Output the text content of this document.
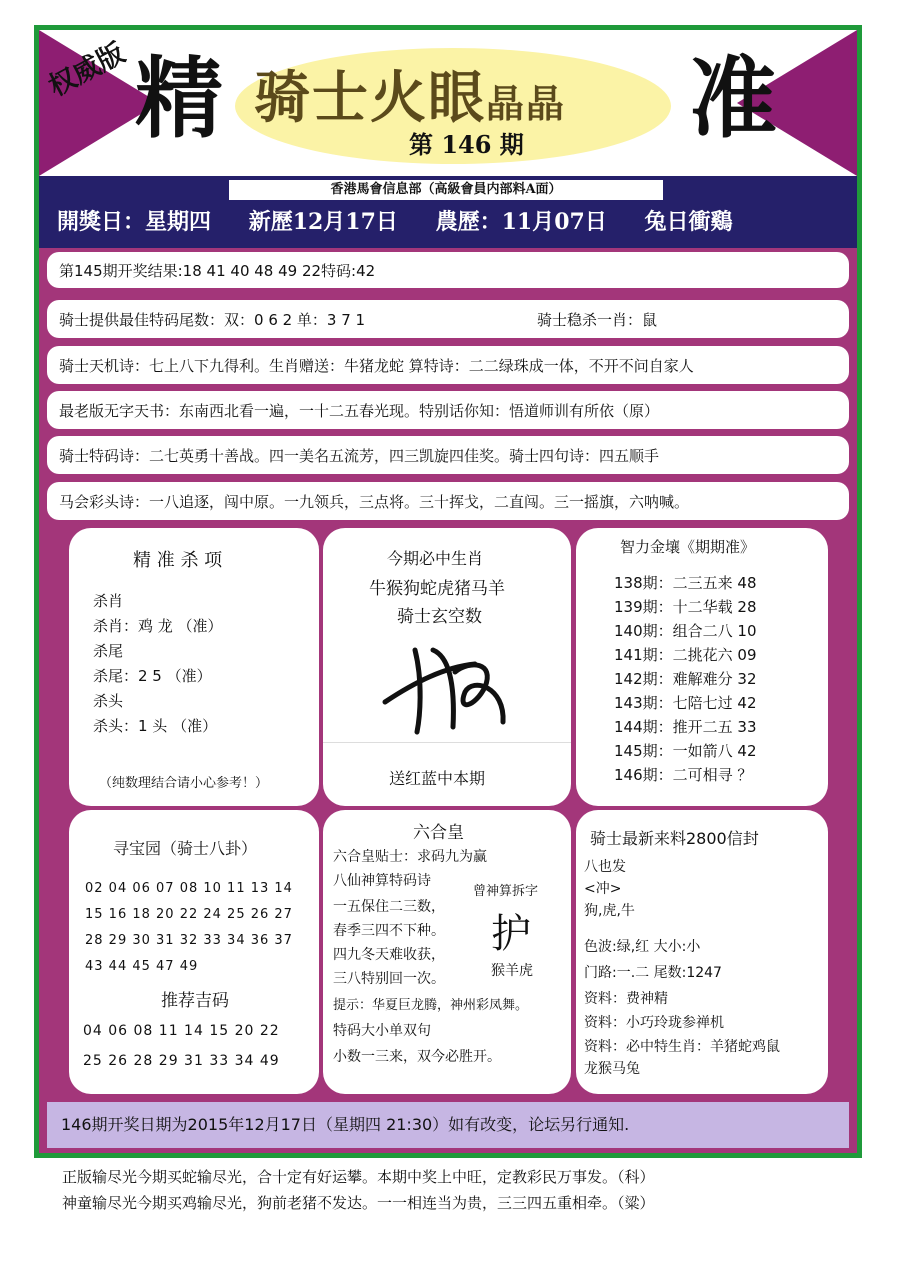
权威版 精 骑士火眼晶晶
第 146 期 准
香港馬會信息部（高級會員内部料A面）
開獎日：星期四 新歷12月17日 農歷：11月07日 兔日衝鷄
第145期开奖结果:18 41 40 48 49 22特码:42
骑士提供最佳特码尾数：双：0 6 2 单：3 7 1	骑士稳杀一肖：鼠
骑士天机诗：七上八下九得利。生肖赠送：牛猪龙蛇 算特诗：二二绿珠成一体，不开不问自家人
最老版无字天书：东南西北看一遍，一十二五春光现。特别话你知：悟道师训有所依（原）
骑士特码诗：二七英勇十善战。四一美名五流芳，四三凯旋四佳奖。骑士四句诗：四五顺手
马会彩头诗：一八追逐，闯中原。一九领兵，三点将。三十挥戈，二直闯。三一摇旗，六呐喊。
精 准 杀 项
杀肖
杀肖：鸡 龙 （准）
杀尾
杀尾：2 5 （准）
杀头
杀头：1 头 （准）
（纯数理结合请小心参考！）
今期必中生肖
牛猴狗蛇虎猪马羊
骑士玄空数
送红蓝中本期
智力金壤《期期准》
138期：二三五来 48
139期：十二华载 28
140期：组合二八 10
141期：二挑花六 09
142期：难解难分 32
143期：七陪七过 42
144期：推开二五 33
145期：一如箭八 42
146期：二可相寻 ？
寻宝园（骑士八卦）
02 04 06 07 08 10 11 13 14
15 16 18 20 22 24 25 26 27
28 29 30 31 32 33 34 36 37
43 44 45 47 49
推荐吉码
04 06 08 11 14 15 20 22
25 26 28 29 31 33 34 49
六合皇
六合皇贴士：求码九为赢
八仙神算特码诗
一五保住二三数，
春季三四不下种。
四九冬天难收获，
三八特别回一次。
提示：华夏巨龙腾，神州彩凤舞。
特码大小单双句
小数一三来，双今必胜开。
曾神算拆字
护
猴羊虎
骑士最新来料2800信封
八也发
<冲>
狗,虎,牛
色波:绿,红 大小:小
门路:一.二 尾数:1247
资料：费神精
资料：小巧玲珑参禅机
资料：必中特生肖：羊猪蛇鸡鼠
龙猴马兔
146期开奖日期为2015年12月17日（星期四 21:30）如有改变，论坛另行通知.
正版输尽光今期买蛇输尽光，合十定有好运攀。本期中奖上中旺，定教彩民万事发。（科）
神童输尽光今期买鸡输尽光，狗前老猪不发达。一一相连当为贵，三三四五重相牵。（粱）
